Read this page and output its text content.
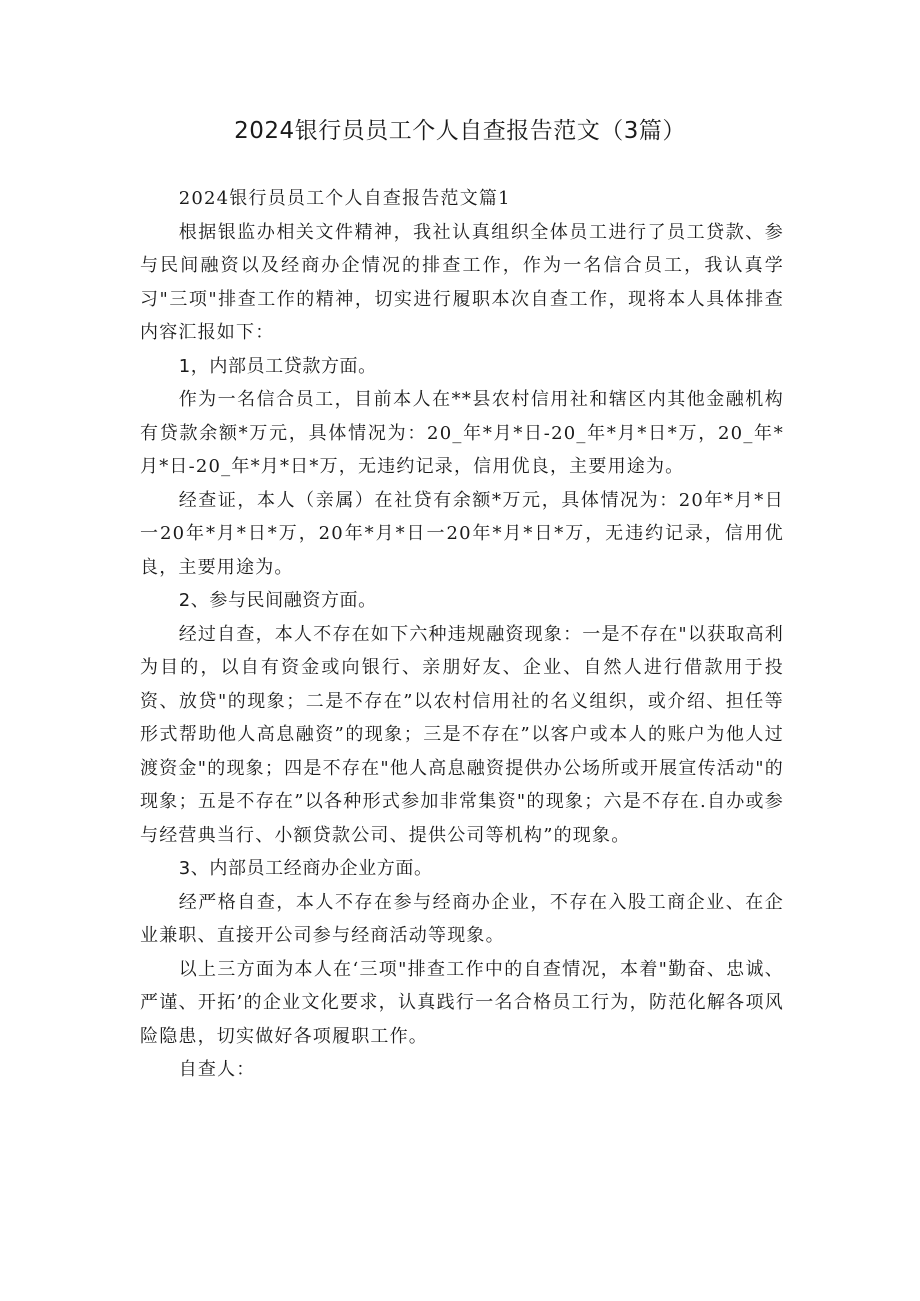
2024银行员员工个人自查报告范文（3篇）

2024银行员员工个人自查报告范文篇1

根据银监办相关文件精神，我社认真组织全体员工进行了员工贷款、参与民间融资以及经商办企情况的排查工作，作为一名信合员工，我认真学习"三项"排查工作的精神，切实进行履职本次自查工作，现将本人具体排查内容汇报如下：

1，内部员工贷款方面。

作为一名信合员工，目前本人在**县农村信用社和辖区内其他金融机构有贷款余额*万元，具体情况为：20_年*月*日-20_年*月*日*万，20_年*月*日-20_年*月*日*万，无违约记录，信用优良，主要用途为。

经查证，本人（亲属）在社贷有余额*万元，具体情况为：20年*月*日一20年*月*日*万，20年*月*日一20年*月*日*万，无违约记录，信用优良，主要用途为。

2、参与民间融资方面。

经过自查，本人不存在如下六种违规融资现象：一是不存在"以获取高利为目的，以自有资金或向银行、亲朋好友、企业、自然人进行借款用于投资、放贷"的现象；二是不存在”以农村信用社的名义组织，或介绍、担任等形式帮助他人高息融资”的现象；三是不存在”以客户或本人的账户为他人过渡资金"的现象；四是不存在"他人高息融资提供办公场所或开展宣传活动"的现象；五是不存在”以各种形式参加非常集资"的现象；六是不存在.自办或参与经营典当行、小额贷款公司、提供公司等机构”的现象。

3、内部员工经商办企业方面。

经严格自查，本人不存在参与经商办企业，不存在入股工商企业、在企业兼职、直接开公司参与经商活动等现象。

以上三方面为本人在‘三项"排查工作中的自查情况，本着"勤奋、忠诚、严谨、开拓’的企业文化要求，认真践行一名合格员工行为，防范化解各项风险隐患，切实做好各项履职工作。

自查人：
